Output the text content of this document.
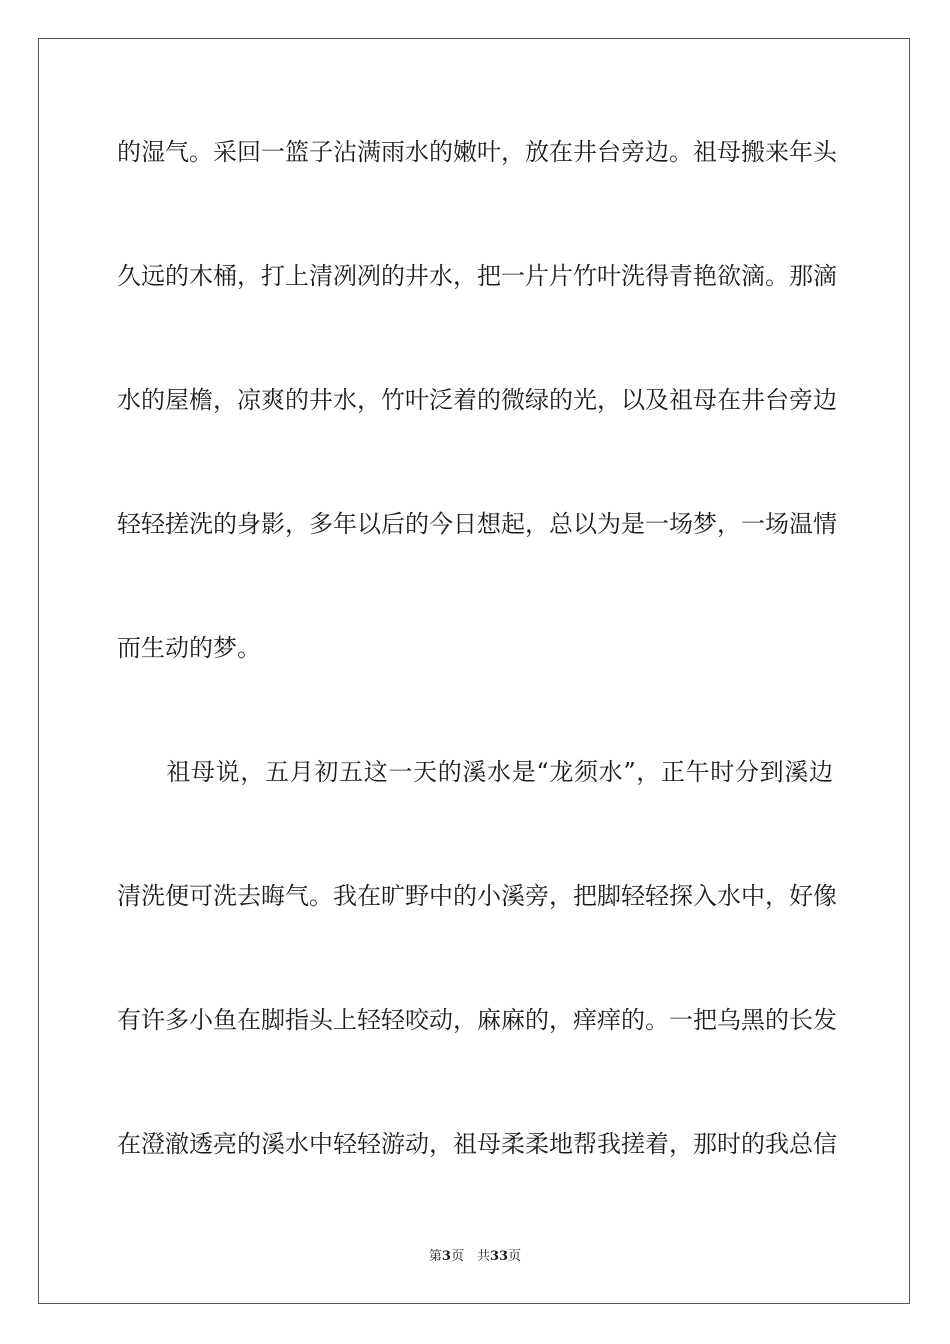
的湿气。采回一篮子沾满雨水的嫩叶，放在井台旁边。祖母搬来年头
久远的木桶，打上清冽冽的井水，把一片片竹叶洗得青艳欲滴。那滴
水的屋檐，凉爽的井水，竹叶泛着的微绿的光，以及祖母在井台旁边
轻轻搓洗的身影，多年以后的今日想起，总以为是一场梦，一场温情
而生动的梦。
　　祖母说，五月初五这一天的溪水是“龙须水”，正午时分到溪边
清洗便可洗去晦气。我在旷野中的小溪旁，把脚轻轻探入水中，好像
有许多小鱼在脚指头上轻轻咬动，麻麻的，痒痒的。一把乌黑的长发
在澄澈透亮的溪水中轻轻游动，祖母柔柔地帮我搓着，那时的我总信
第3页　共33页
